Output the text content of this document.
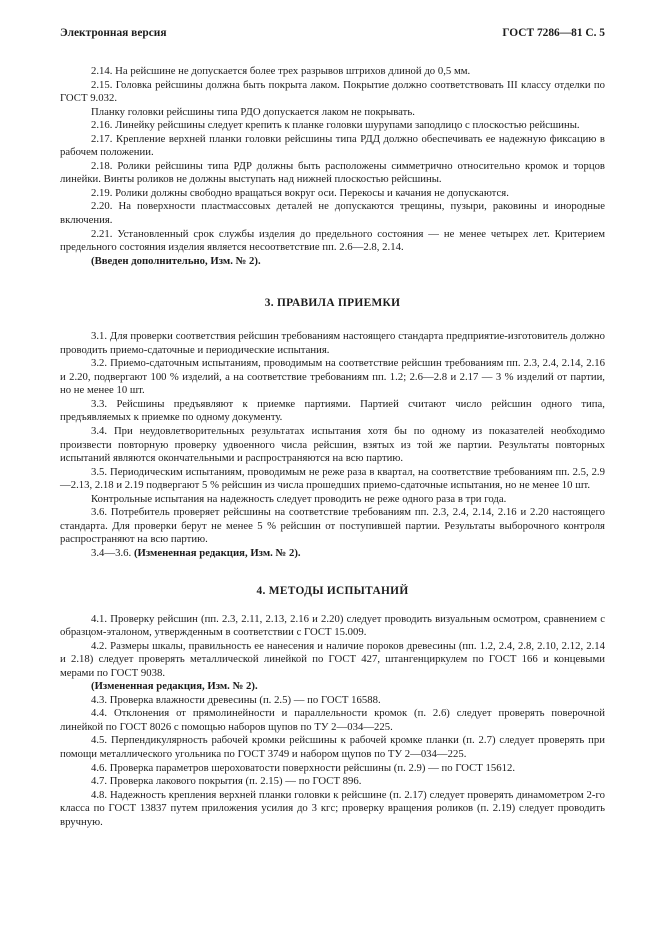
Электронная версия	ГОСТ 7286—81 С. 5

2.14. На рейсшине не допускается более трех разрывов штрихов длиной до 0,5 мм.

2.15. Головка рейсшины должна быть покрыта лаком. Покрытие должно соответствовать III классу отделки по ГОСТ 9.032.

Планку головки рейсшины типа РДО допускается лаком не покрывать.

2.16. Линейку рейсшины следует крепить к планке головки шурупами заподлицо с плоскостью рейсшины.

2.17. Крепление верхней планки головки рейсшины типа РДД должно обеспечивать ее надежную фиксацию в рабочем положении.

2.18. Ролики рейсшины типа РДР должны быть расположены симметрично относительно кромок и торцов линейки. Винты роликов не должны выступать над нижней плоскостью рейсшины.

2.19. Ролики должны свободно вращаться вокруг оси. Перекосы и качания не допускаются.

2.20. На поверхности пластмассовых деталей не допускаются трещины, пузыри, раковины и инородные включения.

2.21. Установленный срок службы изделия до предельного состояния — не менее четырех лет. Критерием предельного состояния изделия является несоответствие пп. 2.6—2.8, 2.14.

(Введен дополнительно, Изм. № 2).

3. ПРАВИЛА ПРИЕМКИ

3.1. Для проверки соответствия рейсшин требованиям настоящего стандарта предприятие-изготовитель должно проводить приемо-сдаточные и периодические испытания.

3.2. Приемо-сдаточным испытаниям, проводимым на соответствие рейсшин требованиям пп. 2.3, 2.4, 2.14, 2.16 и 2.20, подвергают 100 % изделий, а на соответствие требованиям пп. 1.2; 2.6—2.8 и 2.17 — 3 % изделий от партии, но не менее 10 шт.

3.3. Рейсшины предъявляют к приемке партиями. Партией считают число рейсшин одного типа, предъявляемых к приемке по одному документу.

3.4. При неудовлетворительных результатах испытания хотя бы по одному из показателей необходимо произвести повторную проверку удвоенного числа рейсшин, взятых из той же партии. Результаты повторных испытаний являются окончательными и распространяются на всю партию.

3.5. Периодическим испытаниям, проводимым не реже раза в квартал, на соответствие требованиям пп. 2.5, 2.9—2.13, 2.18 и 2.19 подвергают 5 % рейсшин из числа прошедших приемо-сдаточные испытания, но не менее 10 шт.

Контрольные испытания на надежность следует проводить не реже одного раза в три года.

3.6. Потребитель проверяет рейсшины на соответствие требованиям пп. 2.3, 2.4, 2.14, 2.16 и 2.20 настоящего стандарта. Для проверки берут не менее 5 % рейсшин от поступившей партии. Результаты выборочного контроля распространяют на всю партию.

3.4—3.6. (Измененная редакция, Изм. № 2).

4. МЕТОДЫ ИСПЫТАНИЙ

4.1. Проверку рейсшин (пп. 2.3, 2.11, 2.13, 2.16 и 2.20) следует проводить визуальным осмотром, сравнением с образцом-эталоном, утвержденным в соответствии с ГОСТ 15.009.

4.2. Размеры шкалы, правильность ее нанесения и наличие пороков древесины (пп. 1.2, 2.4, 2.8, 2.10, 2.12, 2.14 и 2.18) следует проверять металлической линейкой по ГОСТ 427, штангенциркулем по ГОСТ 166 и концевыми мерами по ГОСТ 9038.

(Измененная редакция, Изм. № 2).

4.3. Проверка влажности древесины (п. 2.5) — по ГОСТ 16588.

4.4. Отклонения от прямолинейности и параллельности кромок (п. 2.6) следует проверять поверочной линейкой по ГОСТ 8026 с помощью наборов щупов по ТУ 2—034—225.

4.5. Перпендикулярность рабочей кромки рейсшины к рабочей кромке планки (п. 2.7) следует проверять при помощи металлического угольника по ГОСТ 3749 и набором щупов по ТУ 2—034—225.

4.6. Проверка параметров шероховатости поверхности рейсшины (п. 2.9) — по ГОСТ 15612.

4.7. Проверка лакового покрытия (п. 2.15) — по ГОСТ 896.

4.8. Надежность крепления верхней планки головки к рейсшине (п. 2.17) следует проверять динамометром 2-го класса по ГОСТ 13837 путем приложения усилия до 3 кгс; проверку вращения роликов (п. 2.19) следует проводить вручную.
